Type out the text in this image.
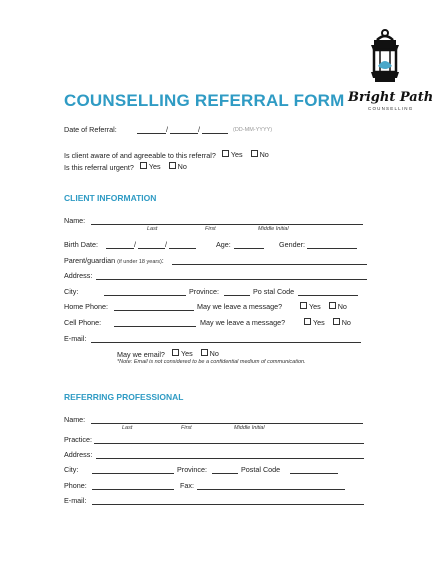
Bright Path
COUNSELLING
COUNSELLING REFERRAL FORM
Date of Referral:	/	/	(DD-MM-YYYY)
Is client aware of and agreeable to this referral? Yes
No
Is this referral urgent? Yes
No
CLIENT INFORMATION
Name:
Last	First	Middle Initial
Birth Date:	/	/	Age:	Gender:
Parent/guardian (if under 18 years):
Address:
City:	Province:	Po stal Code
Home Phone:	May we leave a message?	Yes
No
Cell Phone:	May we leave a message?	Yes
No
E-mail:
May we email? Yes
No
*Note: Email is not considered to be a confidential medium of communication.
REFERRING PROFESSIONAL
Name:
Last	First	Middle Initial
Practice:
Address:
City:	Province:	Postal Code
Phone:	Fax:
E-mail:
